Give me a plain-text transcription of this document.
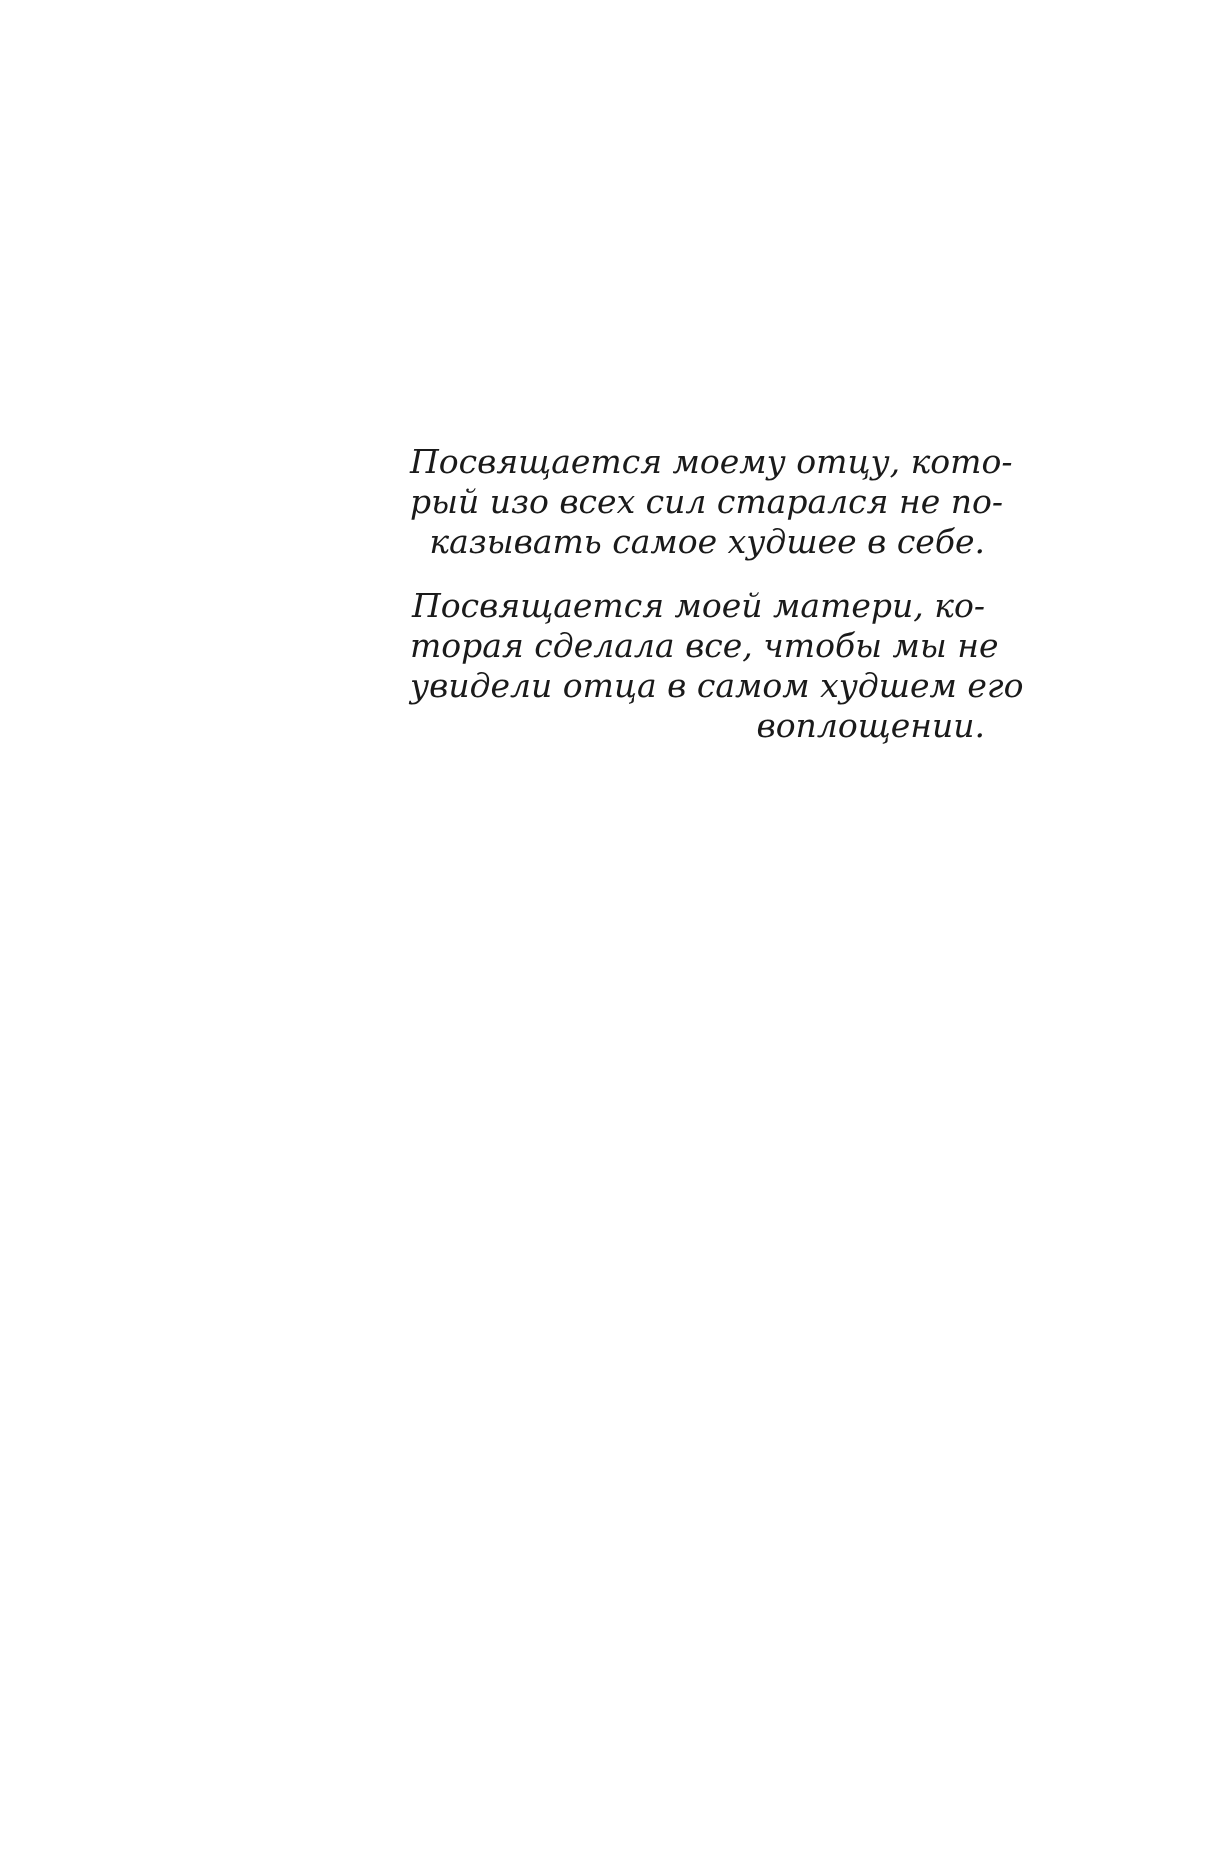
Посвящается моему отцу, кото-
рый изо всех сил старался не по-
казывать самое худшее в себе.

Посвящается моей матери, ко-
торая сделала все, чтобы мы не
увидели отца в самом худшем его
воплощении.
